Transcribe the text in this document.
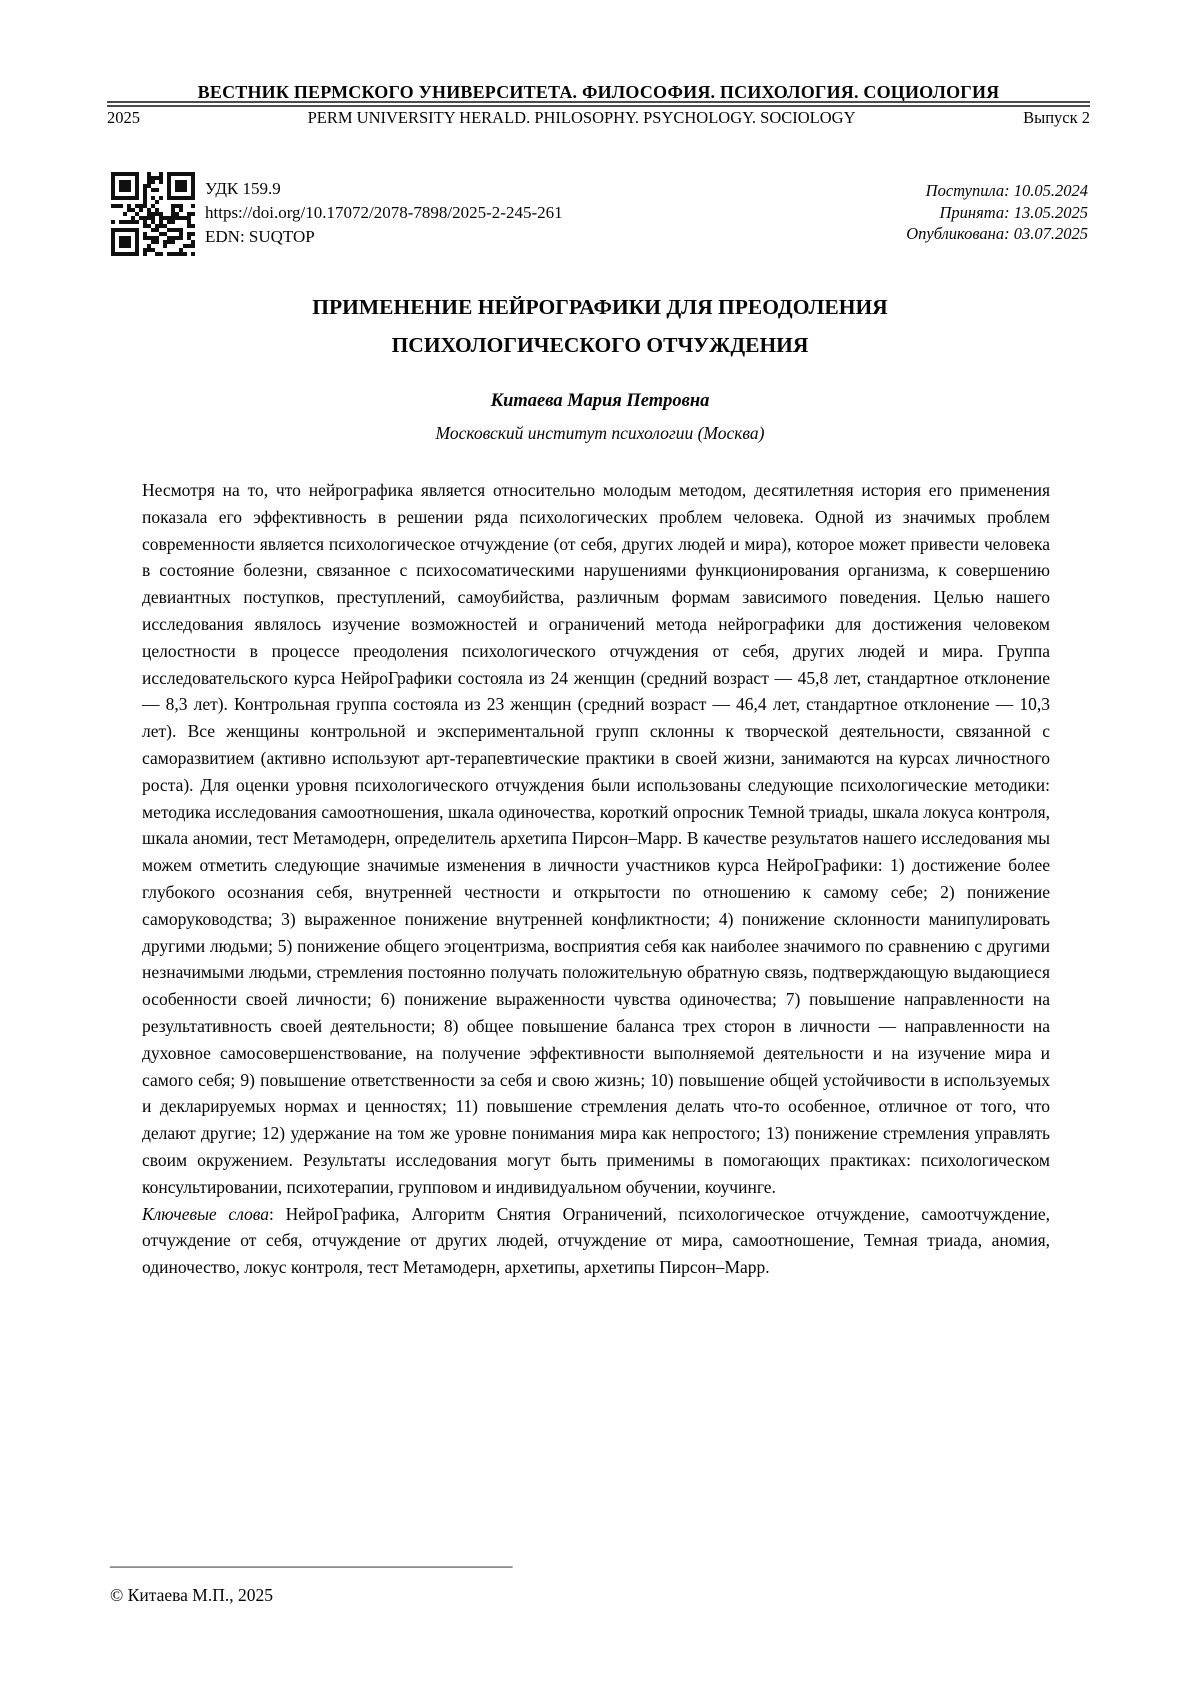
ВЕСТНИК ПЕРМСКОГО УНИВЕРСИТЕТА. ФИЛОСОФИЯ. ПСИХОЛОГИЯ. СОЦИОЛОГИЯ
2025	PERM UNIVERSITY HERALD. PHILOSOPHY. PSYCHOLOGY. SOCIOLOGY	Выпуск 2
УДК 159.9
https://doi.org/10.17072/2078-7898/2025-2-245-261
EDN: SUQTOP
Поступила: 10.05.2024
Принята: 13.05.2025
Опубликована: 03.07.2025
ПРИМЕНЕНИЕ НЕЙРОГРАФИКИ ДЛЯ ПРЕОДОЛЕНИЯ
ПСИХОЛОГИЧЕСКОГО ОТЧУЖДЕНИЯ
Китаева Мария Петровна
Московский институт психологии (Москва)

Несмотря на то, что нейрографика является относительно молодым методом, десятилетняя история его применения показала его эффективность в решении ряда психологических проблем человека. Одной из значимых проблем современности является психологическое отчуждение (от себя, других людей и мира), которое может привести человека в состояние болезни, связанное с психосоматическими нарушениями функционирования организма, к совершению девиантных поступков, преступлений, самоубийства, различным формам зависимого поведения. Целью нашего исследования являлось изучение возможностей и ограничений метода нейрографики для достижения человеком целостности в процессе преодоления психологического отчуждения от себя, других людей и мира. Группа исследовательского курса НейроГрафики состояла из 24 женщин (средний возраст — 45,8 лет, стандартное отклонение — 8,3 лет). Контрольная группа состояла из 23 женщин (средний возраст — 46,4 лет, стандартное отклонение — 10,3 лет). Все женщины контрольной и экспериментальной групп склонны к творческой деятельности, связанной с саморазвитием (активно используют арт-терапевтические практики в своей жизни, занимаются на курсах личностного роста). Для оценки уровня психологического отчуждения были использованы следующие психологические методики: методика исследования самоотношения, шкала одиночества, короткий опросник Темной триады, шкала локуса контроля, шкала аномии, тест Метамодерн, определитель архетипа Пирсон–Марр. В качестве результатов нашего исследования мы можем отметить следующие значимые изменения в личности участников курса НейроГрафики: 1) достижение более глубокого осознания себя, внутренней честности и открытости по отношению к самому себе; 2) понижение саморуководства; 3) выраженное понижение внутренней конфликтности; 4) понижение склонности манипулировать другими людьми; 5) понижение общего эгоцентризма, восприятия себя как наиболее значимого по сравнению с другими незначимыми людьми, стремления постоянно получать положительную обратную связь, подтверждающую выдающиеся особенности своей личности; 6) понижение выраженности чувства одиночества; 7) повышение направленности на результативность своей деятельности; 8) общее повышение баланса трех сторон в личности — направленности на духовное самосовершенствование, на получение эффективности выполняемой деятельности и на изучение мира и самого себя; 9) повышение ответственности за себя и свою жизнь; 10) повышение общей устойчивости в используемых и декларируемых нормах и ценностях; 11) повышение стремления делать что-то особенное, отличное от того, что делают другие; 12) удержание на том же уровне понимания мира как непростого; 13) понижение стремления управлять своим окружением. Результаты исследования могут быть применимы в помогающих практиках: психологическом консультировании, психотерапии, групповом и индивидуальном обучении, коучинге.

Ключевые слова: НейроГрафика, Алгоритм Снятия Ограничений, психологическое отчуждение, самоотчуждение, отчуждение от себя, отчуждение от других людей, отчуждение от мира, самоотношение, Темная триада, аномия, одиночество, локус контроля, тест Метамодерн, архетипы, архетипы Пирсон–Марр.

______________________________________________
© Китаева М.П., 2025
